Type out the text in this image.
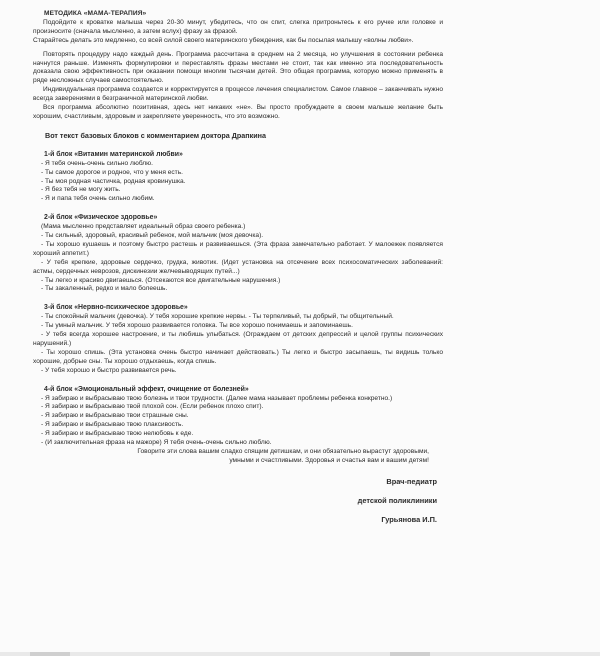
МЕТОДИКА «МАМА-ТЕРАПИЯ»
Подойдите к кроватке малыша через 20-30 минут, убедитесь, что он спит, слегка притроньтесь к его ручке или головке и произносите (сначала мысленно, а затем вслух) фразу за фразой.
Старайтесь делать это медленно, со всей силой своего материнского убеждения, как бы посылая малышу «волны любви».
Повторять процедуру надо каждый день. Программа рассчитана в среднем на 2 месяца, но улучшения в состоянии ребенка начнутся раньше. Изменять формулировки и переставлять фразы местами не стоит, так как именно эта последовательность доказала свою эффективность при оказании помощи многим тысячам детей. Это общая программа, которую можно применять в ряде несложных случаев самостоятельно.
Индивидуальная программа создается и корректируется в процессе лечения специалистом. Самое главное – заканчивать нужно всегда заверениями в безграничной материнской любви.
Вся программа абсолютно позитивная, здесь нет никаких «не». Вы просто пробуждаете в своем малыше желание быть хорошим, счастливым, здоровым и закрепляете уверенность, что это возможно.
Вот текст базовых блоков с комментарием доктора Драпкина
1-й блок «Витамин материнской любви»
- Я тебя очень-очень сильно люблю.
- Ты самое дорогое и родное, что у меня есть.
- Ты моя родная частичка, родная кровинушка.
- Я без тебя не могу жить.
- Я и папа тебя очень сильно любим.
2-й блок «Физическое здоровье»
(Мама мысленно представляет идеальный образ своего ребенка.)
- Ты сильный, здоровый, красивый ребенок, мой мальчик (моя девочка).
- Ты хорошо кушаешь и поэтому быстро растешь и развиваешься. (Эта фраза замечательно работает. У малоежек появляется хороший аппетит.)
- У тебя крепкие, здоровые сердечко, грудка, животик. (Идет установка на отсечение всех психосоматических заболеваний: астмы, сердечных неврозов, дискинезии желчевыводящих путей...)
- Ты легко и красиво двигаешься. (Отсекаются все двигательные нарушения.)
- Ты закаленный, редко и мало болеешь.
3-й блок «Нервно-психическое здоровье»
- Ты спокойный мальчик (девочка). У тебя хорошие крепкие нервы. - Ты терпеливый, ты добрый, ты общительный.
- Ты умный мальчик. У тебя хорошо развивается головка. Ты все хорошо понимаешь и запоминаешь.
- У тебя всегда хорошее настроение, и ты любишь улыбаться. (Ограждаем от детских депрессий и целой группы психических нарушений.)
- Ты хорошо спишь. (Эта установка очень быстро начинает действовать.) Ты легко и быстро засыпаешь, ты видишь только хорошие, добрые сны. Ты хорошо отдыхаешь, когда спишь.
- У тебя хорошо и быстро развивается речь.
4-й блок «Эмоциональный эффект, очищение от болезней»
- Я забираю и выбрасываю твою болезнь и твои трудности. (Далее мама называет проблемы ребенка конкретно.)
- Я забираю и выбрасываю твой плохой сон. (Если ребенок плохо спит).
- Я забираю и выбрасываю твои страшные сны.
- Я забираю и выбрасываю твою плаксивость.
- Я забираю и выбрасываю твою нелюбовь к еде.
- (И заключительная фраза на мажоре) Я тебя очень-очень сильно люблю.
Говорите эти слова вашим сладко спящим детишкам, и они обязательно вырастут здоровыми,
умными и счастливыми. Здоровья и счастья вам и вашим детям!
Врач-педиатр
детской поликлиники
Гурьянова И.П.
